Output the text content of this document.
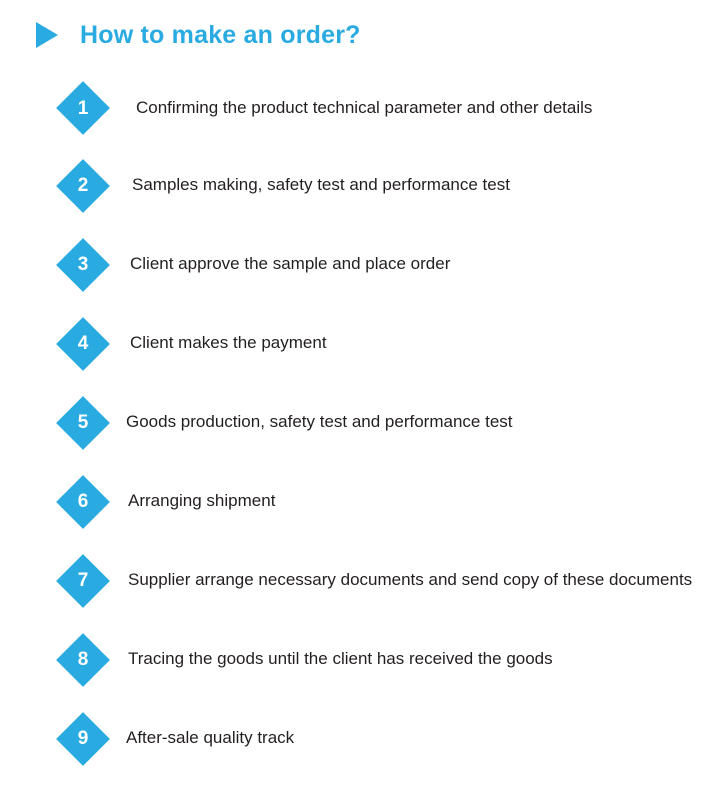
How to make an order?
1	Confirming the product technical parameter and other details
2	Samples making, safety test and performance test
3	Client approve the sample and place order
4	Client makes the payment
5	Goods production, safety test and performance test
6	Arranging shipment
7	Supplier arrange necessary documents and send copy of these documents
8	Tracing the goods until the client has received the goods
9	After-sale quality track
